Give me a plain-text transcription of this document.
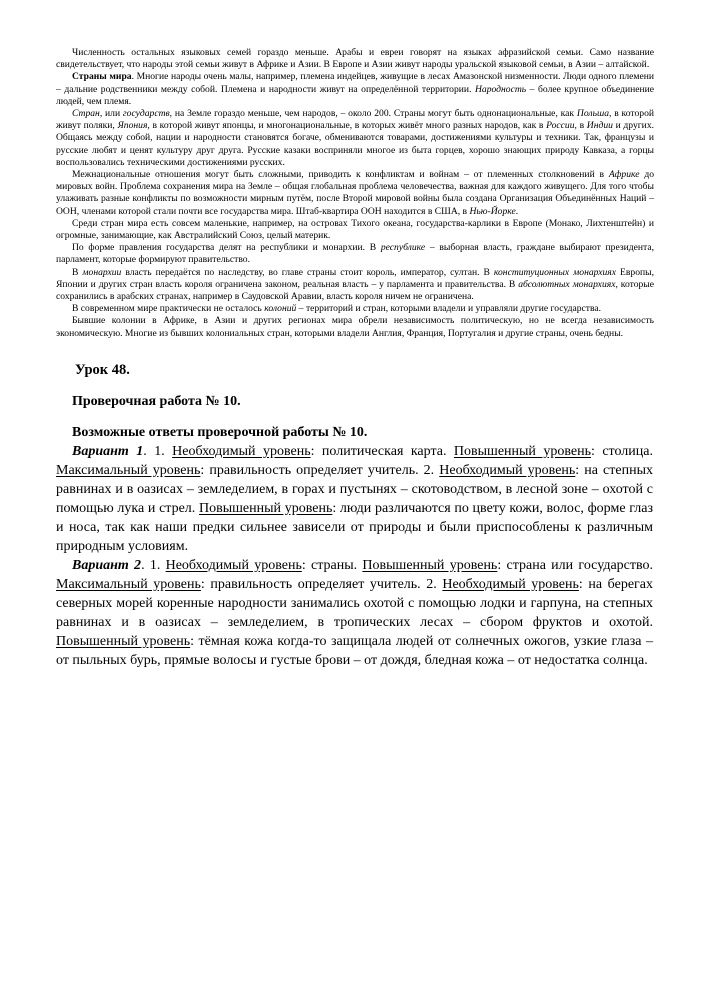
Численность остальных языковых семей гораздо меньше. Арабы и евреи говорят на языках афразийской семьи. Само название свидетельствует, что народы этой семьи живут в Африке и Азии. В Европе и Азии живут народы уральской языковой семьи, в Азии – алтайской.

Страны мира. Многие народы очень малы, например, племена индейцев, живущие в лесах Амазонской низменности. Люди одного племени – дальние родственники между собой. Племена и народности живут на определённой территории. Народность – более крупное объединение людей, чем племя.

Стран, или государств, на Земле гораздо меньше, чем народов, – около 200. Страны могут быть однонациональные, как Польша, в которой живут поляки, Япония, в которой живут японцы, и многонациональные, в которых живёт много разных народов, как в России, в Индии и других. Общаясь между собой, нации и народности становятся богаче, обмениваются товарами, достижениями культуры и техники. Так, французы и русские любят и ценят культуру друг друга. Русские казаки восприняли многое из быта горцев, хорошо знающих природу Кавказа, а горцы воспользовались техническими достижениями русских.

Межнациональные отношения могут быть сложными, приводить к конфликтам и войнам – от племенных столкновений в Африке до мировых войн. Проблема сохранения мира на Земле – общая глобальная проблема человечества, важная для каждого живущего. Для того чтобы улаживать разные конфликты по возможности мирным путём, после Второй мировой войны была создана Организация Объединённых Наций – ООН, членами которой стали почти все государства мира. Штаб-квартира ООН находится в США, в Нью-Йорке.

Среди стран мира есть совсем маленькие, например, на островах Тихого океана, государства-карлики в Европе (Монако, Лихтенштейн) и огромные, занимающие, как Австралийский Союз, целый материк.

По форме правления государства делят на республики и монархии. В республике – выборная власть, граждане выбирают президента, парламент, которые формируют правительство.

В монархии власть передаётся по наследству, во главе страны стоит король, император, султан. В конституционных монархиях Европы, Японии и других стран власть короля ограничена законом, реальная власть – у парламента и правительства. В абсолютных монархиях, которые сохранились в арабских странах, например в Саудовской Аравии, власть короля ничем не ограничена.

В современном мире практически не осталось колоний – территорий и стран, которыми владели и управляли другие государства.

Бывшие колонии в Африке, в Азии и других регионах мира обрели независимость политическую, но не всегда независимость экономическую. Многие из бывших колониальных стран, которыми владели Англия, Франция, Португалия и другие страны, очень бедны.

Урок 48.

Проверочная работа № 10.

Возможные ответы проверочной работы № 10.

Вариант 1. 1. Необходимый уровень: политическая карта. Повышенный уровень: столица. Максимальный уровень: правильность определяет учитель. 2. Необходимый уровень: на степных равнинах и в оазисах – земледелием, в горах и пустынях – скотоводством, в лесной зоне – охотой с помощью лука и стрел. Повышенный уровень: люди различаются по цвету кожи, волос, форме глаз и носа, так как наши предки сильнее зависели от природы и были приспособлены к различным природным условиям.

Вариант 2. 1. Необходимый уровень: страны. Повышенный уровень: страна или государство. Максимальный уровень: правильность определяет учитель. 2. Необходимый уровень: на берегах северных морей коренные народности занимались охотой с помощью лодки и гарпуна, на степных равнинах и в оазисах – земледелием, в тропических лесах – сбором фруктов и охотой. Повышенный уровень: тёмная кожа когда-то защищала людей от солнечных ожогов, узкие глаза – от пыльных бурь, прямые волосы и густые брови – от дождя, бледная кожа – от недостатка солнца.
